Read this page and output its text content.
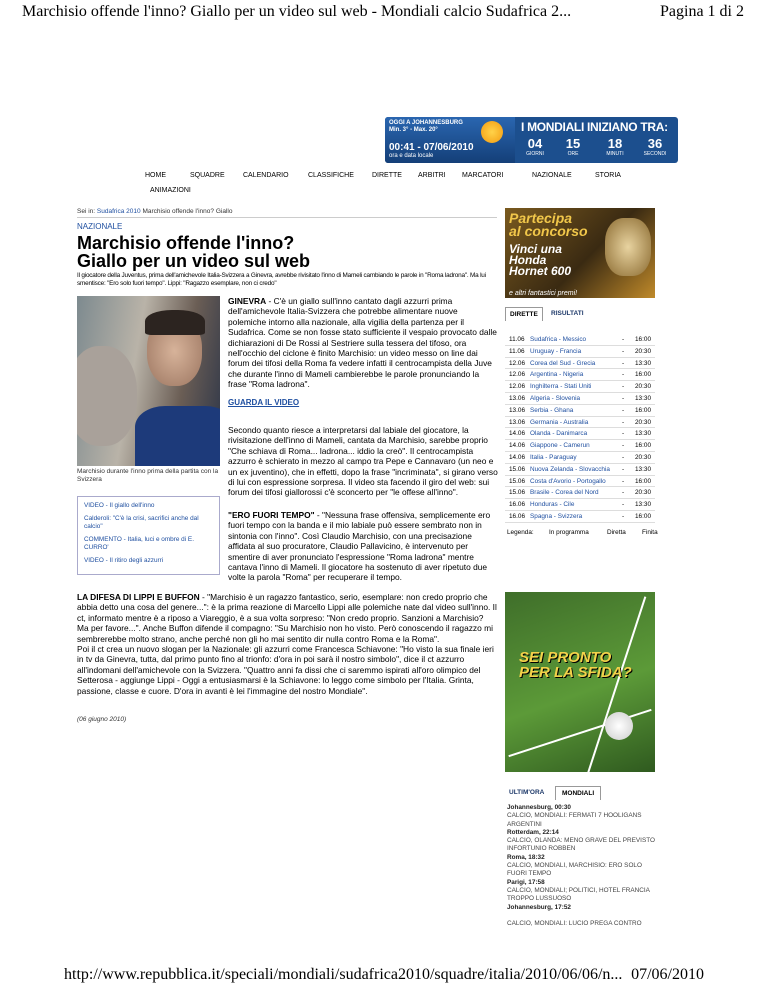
Marchisio offende l'inno? Giallo per un video sul web - Mondiali calcio Sudafrica 2...	Pagina 1 di 2
OGGI A JOHANNESBURG
Min. 3° - Max. 20°
00:41 - 07/06/2010
ora e data locale
I MONDIALI INIZIANO TRA:
04
GIORNI
15
ORE
18
MINUTI
36
SECONDI
HOME	SQUADRE	CALENDARIO	CLASSIFICHE	DIRETTE ARBITRI MARCATORI	NAZIONALE	STORIA
ANIMAZIONI
Sei in: Sudafrica 2010 Marchisio offende l'inno? Giallo
NAZIONALE
Marchisio offende l'inno?
Giallo per un video sul web
Il giocatore della Juventus, prima dell'amichevole Italia-Svizzera a Ginevra, avrebbe rivisitato l'inno di Mameli cambiando le parole in "Roma ladrona". Ma lui smentisce: "Ero solo fuori tempo". Lippi: "Ragazzo esemplare, non ci credo"
Marchisio durante l'inno prima della partita con la Svizzera
VIDEO - Il giallo dell'inno
Calderoli: "C'è la crisi, sacrifici anche dal calcio"
COMMENTO - Italia, luci e ombre di E. CURRO'
VIDEO - Il ritiro degli azzurri
GINEVRA - C'è un giallo sull'inno cantato dagli azzurri prima dell'amichevole Italia-Svizzera che potrebbe alimentare nuove polemiche intorno alla nazionale, alla vigilia della partenza per il Sudafrica. Come se non fosse stato sufficiente il vespaio provocato dalle dichiarazioni di De Rossi al Sestriere sulla tessera del tifoso, ora nell'occhio del ciclone è finito Marchisio: un video messo on line dai forum dei tifosi della Roma fa vedere infatti il centrocampista della Juve che durante l'inno di Mameli cambierebbe le parole pronunciando la frase "Roma ladrona".
GUARDA IL VIDEO
Secondo quanto riesce a interpretarsi dal labiale del giocatore, la rivisitazione dell'inno di Mameli, cantata da Marchisio, sarebbe proprio "Che schiava di Roma... ladrona... iddio la creò". Il centrocampista azzurro è schierato in mezzo al campo tra Pepe e Cannavaro (un neo e un ex juventino), che in effetti, dopo la frase "incriminata", si girano verso di lui con espressione sorpresa. Il video sta facendo il giro del web: sui forum dei tifosi giallorossi c'è sconcerto per "le offese all'inno".
"ERO FUORI TEMPO" - "Nessuna frase offensiva, semplicemente ero fuori tempo con la banda e il mio labiale può essere sembrato non in sintonia con l'inno". Così Claudio Marchisio, con una precisazione affidata al suo procuratore, Claudio Pallavicino, è intervenuto per smentire di aver pronunciato l'espressione "Roma ladrona" mentre cantava l'inno di Mameli. Il giocatore ha sostenuto di aver ripetuto due volte la parola "Roma" per recuperare il tempo.
LA DIFESA DI LIPPI E BUFFON - "Marchisio è un ragazzo fantastico, serio, esemplare: non credo proprio che abbia detto una cosa del genere...": è la prima reazione di Marcello Lippi alle polemiche nate dal video sull'inno. Il ct, informato mentre è a riposo a Viareggio, è a sua volta sorpreso: "Non credo proprio. Sanzioni a Marchisio? Ma per favore...". Anche Buffon difende il compagno: "Su Marchisio non ho visto. Però conoscendo il ragazzo mi sembrerebbe molto strano, anche perché non gli ho mai sentito dir nulla contro Roma e la Roma".
Poi il ct crea un nuovo slogan per la Nazionale: gli azzurri come Francesca Schiavone: "Ho visto la sua finale ieri in tv da Ginevra, tutta, dal primo punto fino al trionfo: d'ora in poi sarà il nostro simbolo", dice il ct azzurro all'indomani dell'amichevole con la Svizzera. "Quattro anni fa dissi che ci saremmo ispirati all'oro olimpico del Setterosa - aggiunge Lippi - Oggi a entusiasmarsi è la Schiavone: lo leggo come simbolo per l'Italia. Grinta, passione, classe e cuore. D'ora in avanti è lei l'immagine del nostro Mondiale".
(06 giugno 2010)
Partecipa
al concorso
Vinci una
Honda
Hornet 600
e altri fantastici premi!
DIRETTE	RISULTATI
11.06 Sudafrica - Messico	- 16:00
11.06 Uruguay - Francia	- 20:30
12.06 Corea del Sud - Grecia	- 13:30
12.06 Argentina - Nigeria	- 16:00
12.06 Inghilterra - Stati Uniti	- 20:30
13.06 Algeria - Slovenia	- 13:30
13.06 Serbia - Ghana	- 16:00
13.06 Germania - Australia	- 20:30
14.06 Olanda - Danimarca	- 13:30
14.06 Giappone - Camerun	- 16:00
14.06 Italia - Paraguay	- 20:30
15.06 Nuova Zelanda - Slovacchia - 13:30
15.06 Costa d'Avorio - Portogallo	- 16:00
15.06 Brasile - Corea del Nord	- 20:30
16.06 Honduras - Cile	- 13:30
16.06 Spagna - Svizzera	- 16:00
Legenda: In programma	Diretta	Finita
SEI PRONTO
PER LA SFIDA?
ULTIM'ORA	MONDIALI
Johannesburg, 00:30
CALCIO, MONDIALI: FERMATI 7 HOOLIGANS ARGENTINI
Rotterdam, 22:14
CALCIO, OLANDA: MENO GRAVE DEL PREVISTO INFORTUNIO ROBBEN
Roma, 18:32
CALCIO, MONDIALI, MARCHISIO: ERO SOLO FUORI TEMPO
Parigi, 17:58
CALCIO, MONDIALI; POLITICI, HOTEL FRANCIA TROPPO LUSSUOSO
Johannesburg, 17:52
CALCIO, MONDIALI: LUCIO PREGA CONTRO
http://www.repubblica.it/speciali/mondiali/sudafrica2010/squadre/italia/2010/06/06/n... 07/06/2010
